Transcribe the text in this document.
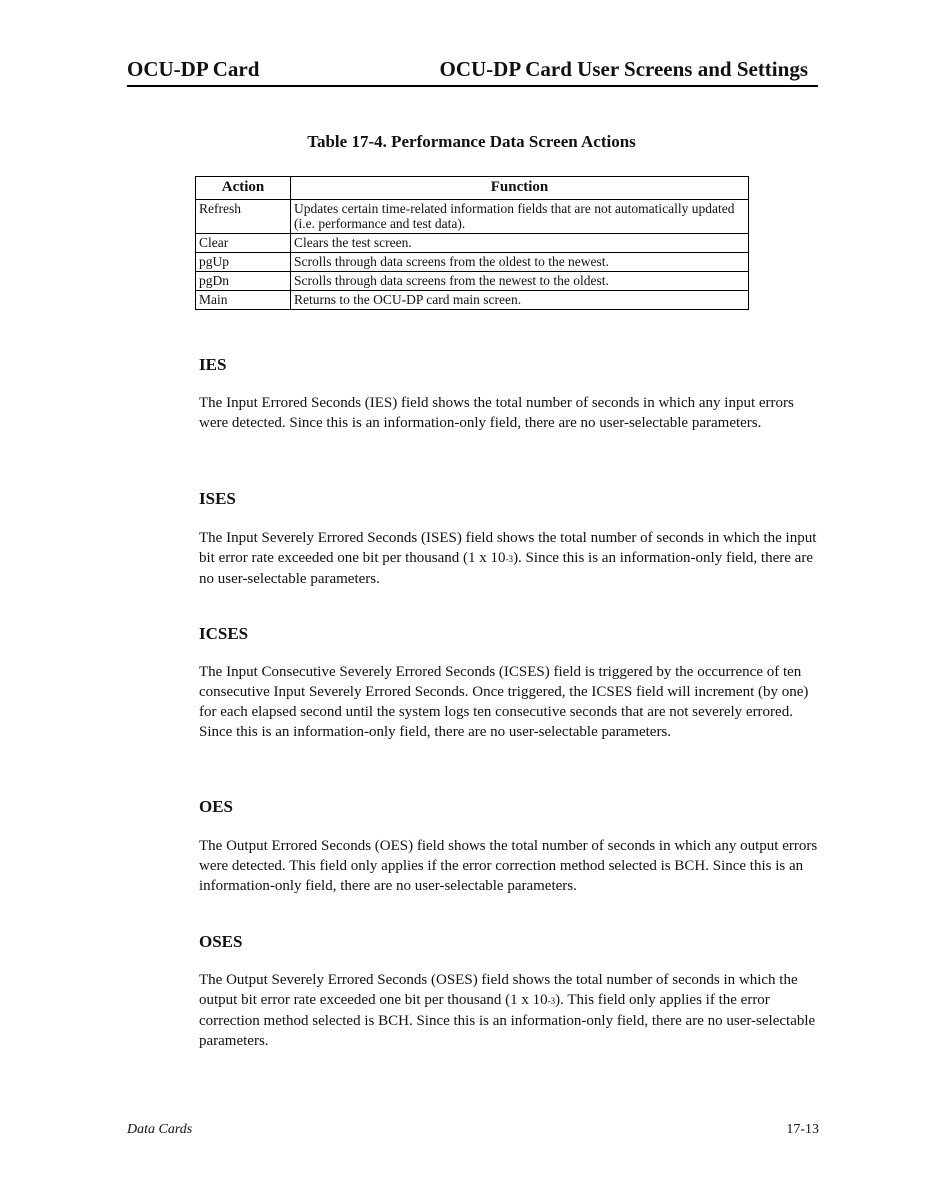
OCU-DP Card	OCU-DP Card User Screens and Settings
Table 17-4. Performance Data Screen Actions
Action	Function
Refresh	Updates certain time-related information fields that are not automatically updated (i.e. performance and test data).
Clear	Clears the test screen.
pgUp	Scrolls through data screens from the oldest to the newest.
pgDn	Scrolls through data screens from the newest to the oldest.
Main	Returns to the OCU-DP card main screen.
IES

The Input Errored Seconds (IES) field shows the total number of seconds in which any input errors were detected. Since this is an information-only field, there are no user-selectable parameters.

ISES

The Input Severely Errored Seconds (ISES) field shows the total number of seconds in which the input bit error rate exceeded one bit per thousand (1 x 10-3). Since this is an information-only field, there are no user-selectable parameters.

ICSES

The Input Consecutive Severely Errored Seconds (ICSES) field is triggered by the occurrence of ten consecutive Input Severely Errored Seconds. Once triggered, the ICSES field will increment (by one) for each elapsed second until the system logs ten consecutive seconds that are not severely errored. Since this is an information-only field, there are no user-selectable parameters.

OES

The Output Errored Seconds (OES) field shows the total number of seconds in which any output errors were detected. This field only applies if the error correction method selected is BCH. Since this is an information-only field, there are no user-selectable parameters.

OSES

The Output Severely Errored Seconds (OSES) field shows the total number of seconds in which the output bit error rate exceeded one bit per thousand (1 x 10-3). This field only applies if the error correction method selected is BCH. Since this is an information-only field, there are no user-selectable parameters.

Data Cards	17-13
